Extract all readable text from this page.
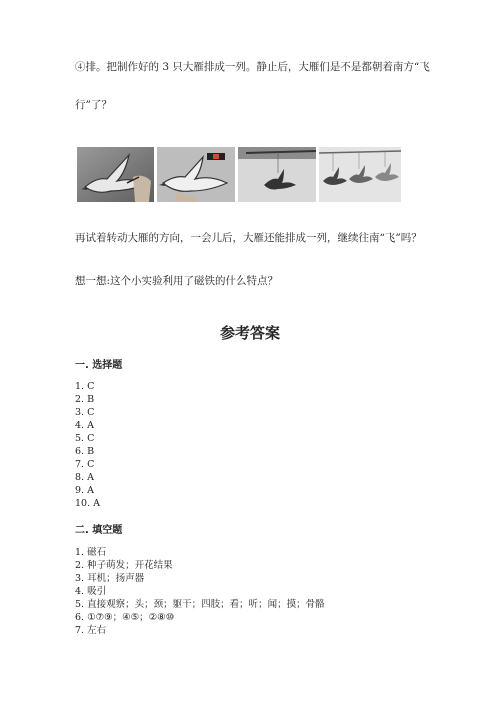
④排。把制作好的 3 只大雁排成一列。静止后，大雁们是不是都朝着南方“飞

行”了？

再试着转动大雁的方向，一会儿后，大雁还能排成一列，继续往南“飞”吗？

想一想:这个小实验利用了磁铁的什么特点？

参考答案
一. 选择题
1. C
2. B
3. C
4. A
5. C
6. B
7. C
8. A
9. A
10. A
二. 填空题
1. 磁石
2. 种子萌发；开花结果
3. 耳机；扬声器
4. 吸引
5. 直接观察；头；颈；躯干；四肢；看；听；闻；摸；骨骼
6. ①⑦⑨；④⑤；②⑧⑩
7. 左右
